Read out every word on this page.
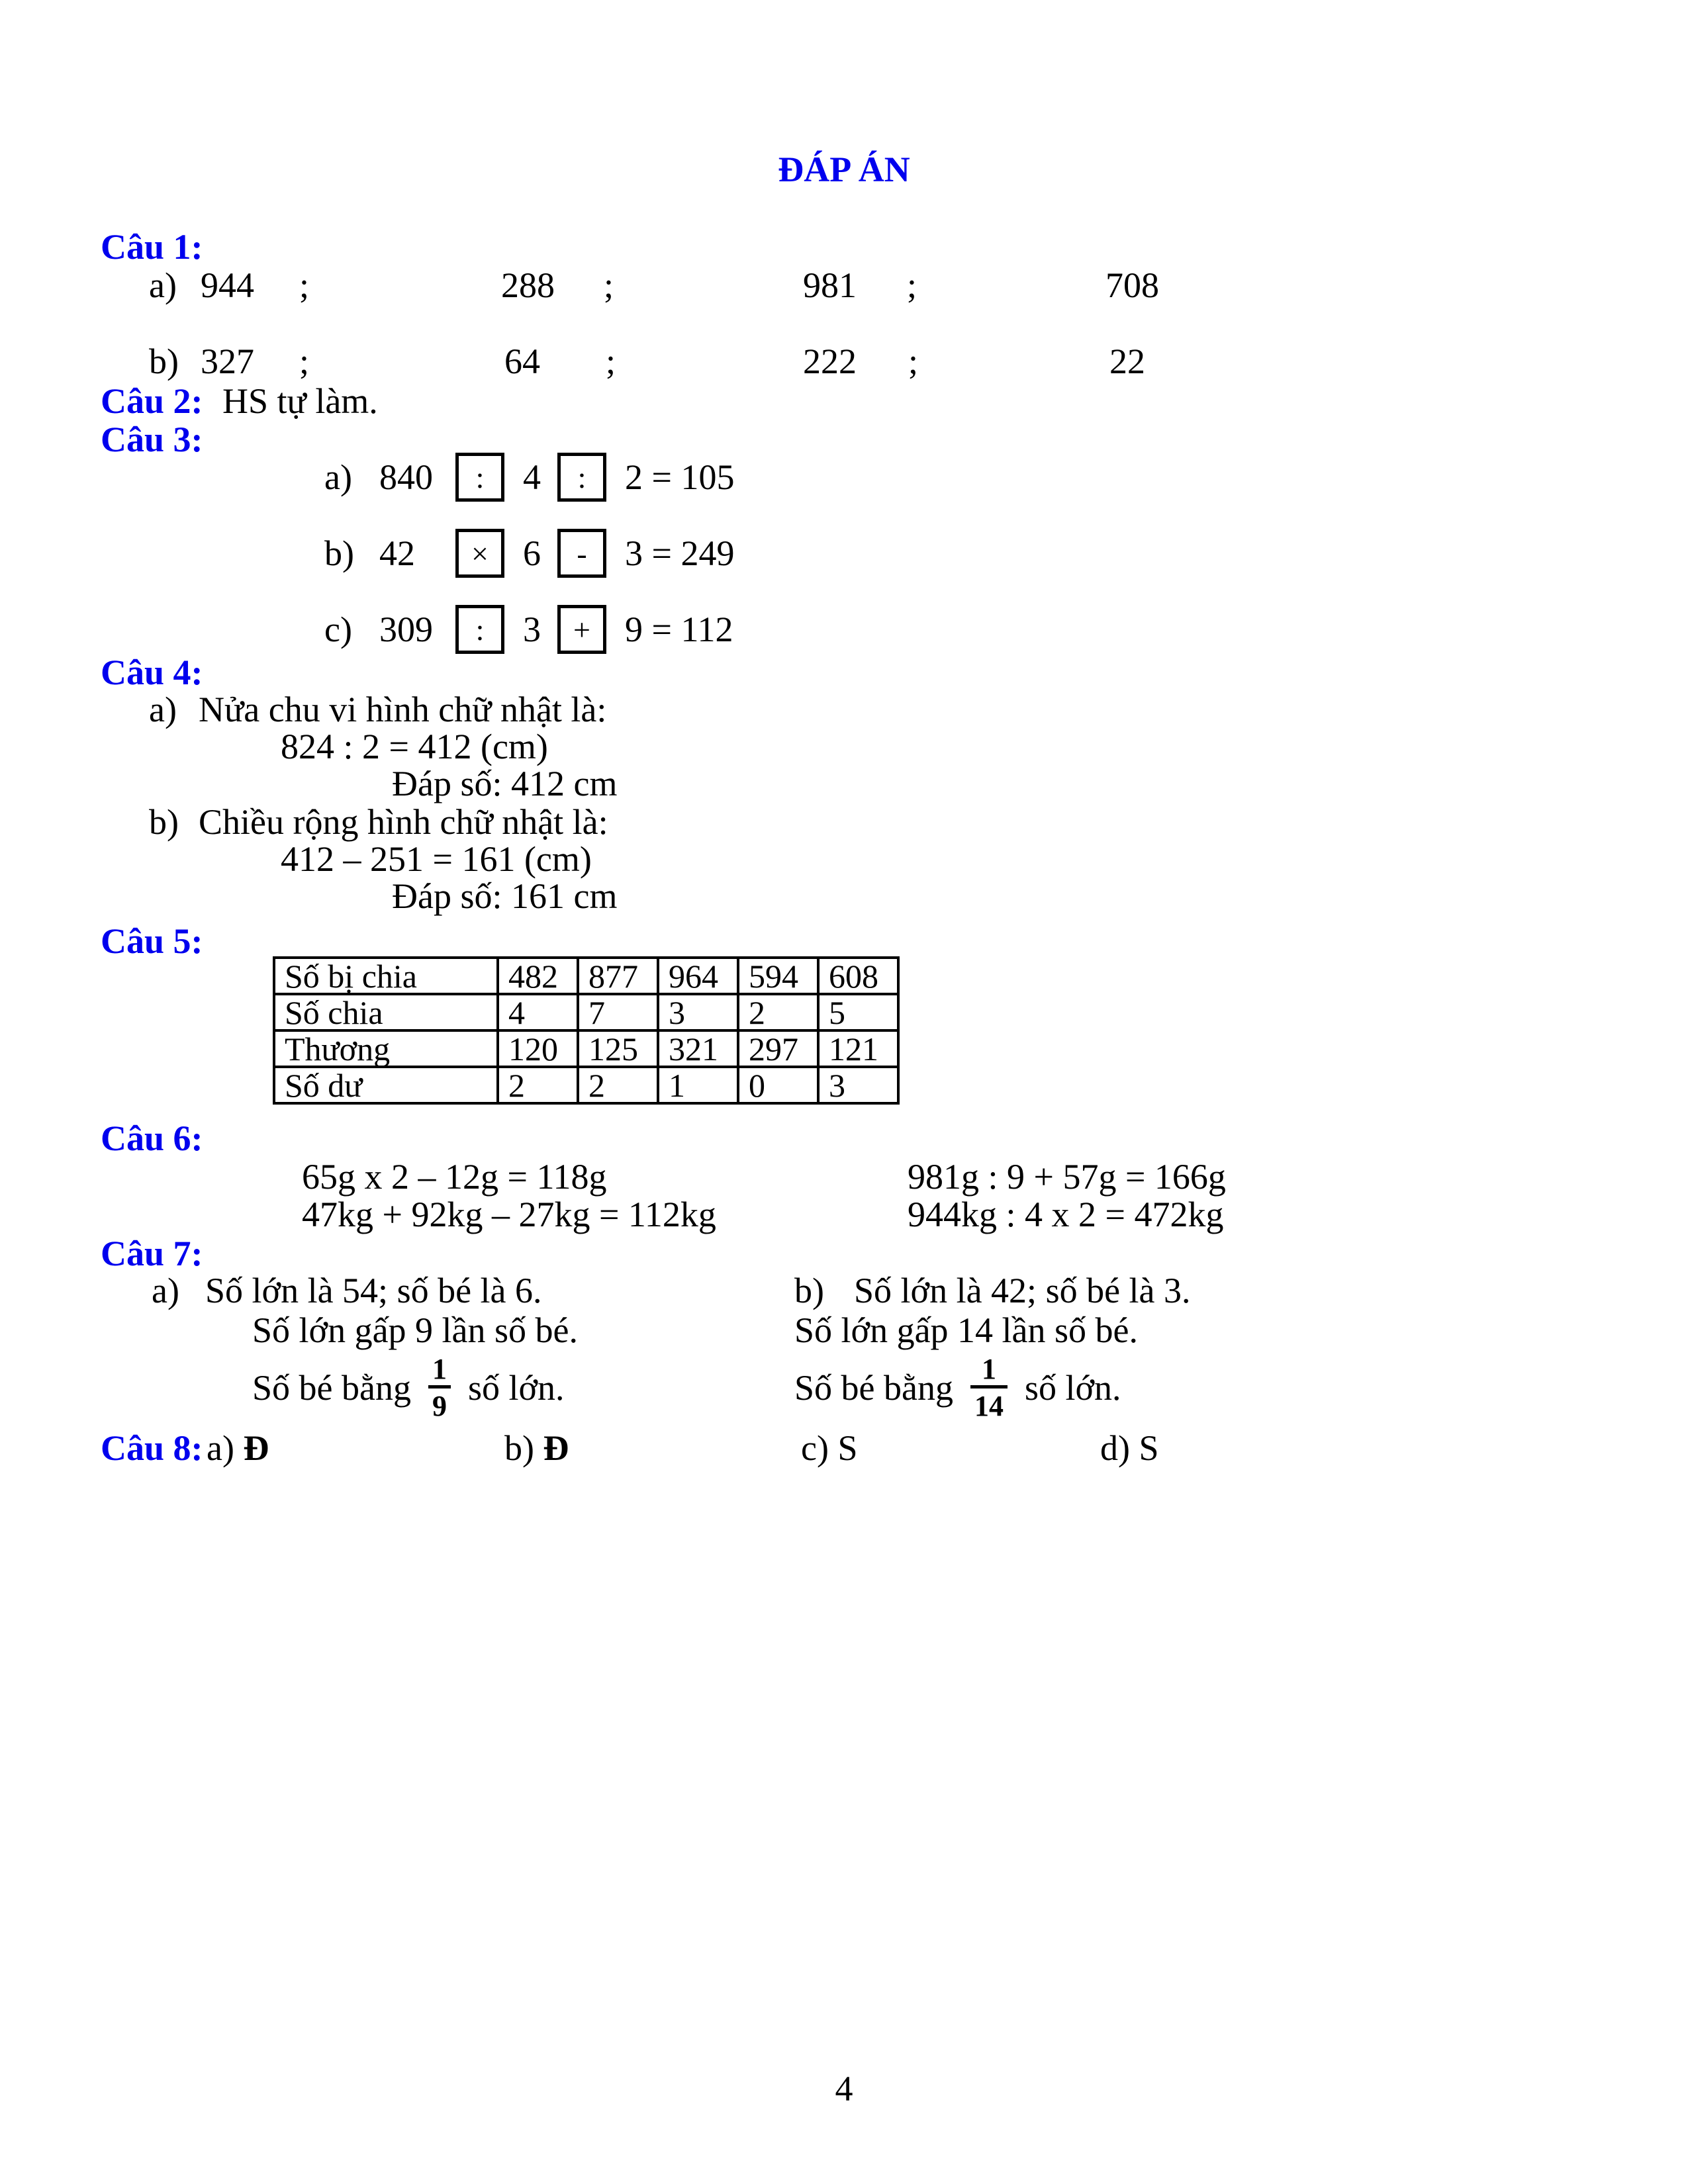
ĐÁP ÁN
Câu 1:
a) 944 ;	288 ;	981 ;	708
b) 327 ;	64 ;	222 ;	22
Câu 2: HS tự làm.
Câu 3:
a) 840	:	4	:	2 = 105
b) 42	× 6	-	3 = 249
c) 309	:	3	+ 9 = 112
Câu 4:
a) Nửa chu vi hình chữ nhật là:
824 : 2 = 412 (cm)
Đáp số: 412 cm
b) Chiều rộng hình chữ nhật là:
412 – 251 = 161 (cm)
Đáp số: 161 cm
Câu 5:
Số bị chia	482	877	964	594	608
Số chia	4	7	3	2	5
Thương	120	125	321	297	121
Số dư	2	2	1	0	3
Câu 6:
65g x 2 – 12g = 118g	981g : 9 + 57g = 166g
47kg + 92kg – 27kg = 112kg	944kg : 4 x 2 = 472kg
Câu 7:
a) Số lớn là 54; số bé là 6.	b) Số lớn là 42; số bé là 3.
Số lớn gấp 9 lần số bé.	Số lớn gấp 14 lần số bé.
Số bé bằng $\frac{1}{9}$ số lớn.	Số bé bằng $\frac{1}{14}$ số lớn.
Câu 8: a) Đ	b) Đ	c) S	d) S
4
